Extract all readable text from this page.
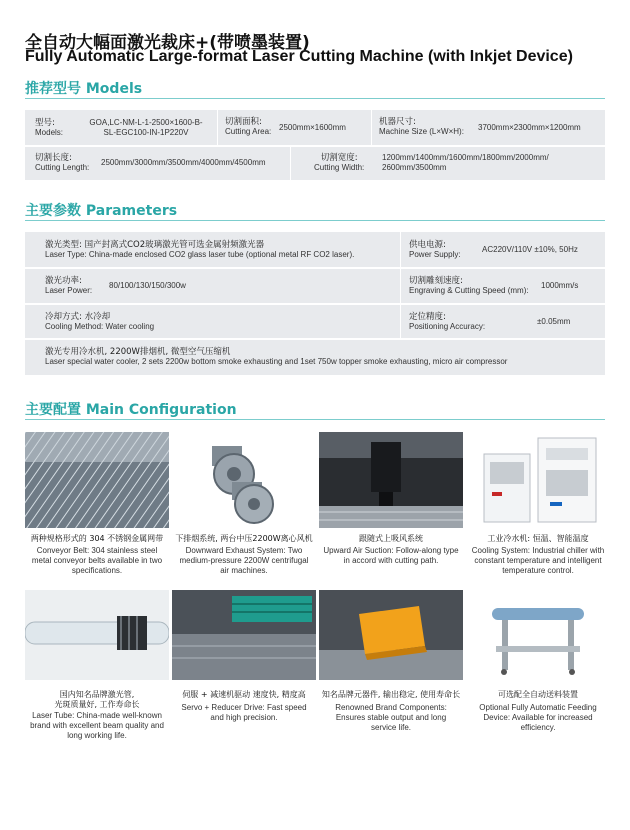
全自动大幅面激光裁床+(带喷墨装置)
Fully Automatic Large-format Laser Cutting Machine (with Inkjet Device)
推荐型号 Models
型号:
Models:
GOA,LC-NM-L-1-2500×1600-B-
SL-EGC100-IN-1P220V
切割面积:
Cutting Area: 2500mm×1600mm
机器尺寸:
Machine Size (L×W×H): 3700mm×2300mm×1200mm
切割长度:
Cutting Length:
2500mm/3000mm/3500mm/4000mm/4500mm	切割宽度:
Cutting Width:
1200mm/1400mm/1600mm/1800mm/2000mm/
2600mm/3500mm
主要参数 Parameters
激光类型: 国产封离式CO2玻璃激光管可选金属射频激光器
Laser Type: China-made enclosed CO2 glass laser tube (optional metal RF CO2 laser).
供电电源:
Power Supply:
AC220V/110V ±10%, 50Hz
激光功率:
Laser Power:
80/100/130/150/300w	切割雕刻速度:
Engraving & Cutting Speed (mm):
1000mm/s
冷却方式: 水冷却
Cooling Method: Water cooling
定位精度:
Positioning Accuracy:
±0.05mm
激光专用冷水机, 2200W排烟机, 微型空气压缩机
Laser special water cooler, 2 sets 2200w bottom smoke exhausting and 1set 750w topper smoke exhausting, micro air compressor
主要配置 Main Configuration
两种规格形式的 304 不锈钢金属网带
Conveyor Belt: 304 stainless steel metal conveyor belts available in two specifications.
下排烟系统, 两台中压2200W离心风机
Downward Exhaust System: Two medium-pressure 2200W centrifugal air machines.
跟随式上吸风系统
Upward Air Suction: Follow-along type in accord with cutting path.
工业冷水机: 恒温、智能温度
Cooling System: Industrial chiller with constant temperature and intelligent temperature control.
国内知名品牌激光管,
光斑质量好, 工作寿命长
Laser Tube: China-made well-known brand with excellent beam quality and long working life.
伺服 + 减速机驱动 速度快, 精度高
Servo + Reducer Drive: Fast speed and high precision.
知名品牌元器件, 输出稳定, 使用寿命长
Renowned Brand Components: Ensures stable output and long service life.
可选配全自动送料装置
Optional Fully Automatic Feeding Device: Available for increased efficiency.
